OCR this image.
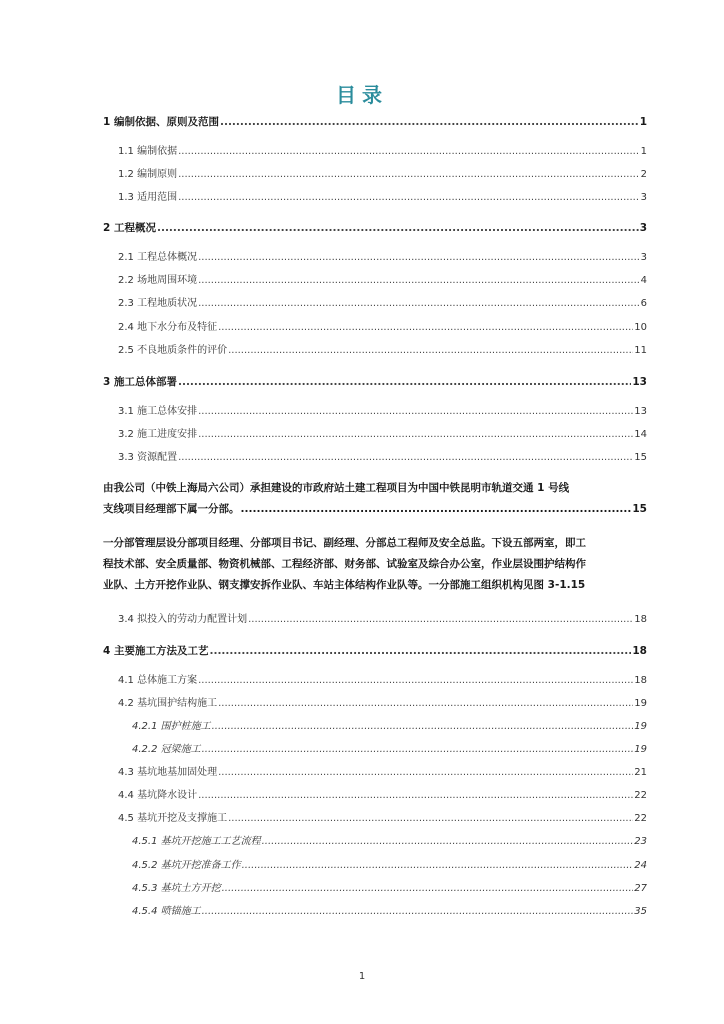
目录
1 编制依据、原则及范围 .....	1
1.1 编制依据 .....	1
1.2 编制原则 .....	2
1.3 适用范围 .....	3
2 工程概况 .....	3
2.1 工程总体概况 .....	3
2.2 场地周围环境 .....	4
2.3 工程地质状况 .....	6
2.4 地下水分布及特征 .....	10
2.5 不良地质条件的评价 .....	11
3 施工总体部署 .....	13
3.1 施工总体安排 .....	13
3.2 施工进度安排 .....	14
3.3 资源配置 .....	15
由我公司（中铁上海局六公司）承担建设的市政府站土建工程项目为中国中铁昆明市轨道交通 1 号线
支线项目经理部下属一分部。 .....	15
一分部管理层设分部项目经理、分部项目书记、副经理、分部总工程师及安全总监。下设五部两室，即工
程技术部、安全质量部、物资机械部、工程经济部、财务部、试验室及综合办公室，作业层设围护结构作
业队、土方开挖作业队、钢支撑安拆作业队、车站主体结构作业队等。一分部施工组织机构见图 3-1.15
3.4 拟投入的劳动力配置计划 .....	18
4 主要施工方法及工艺 .....	18
4.1 总体施工方案 .....	18
4.2 基坑围护结构施工 .....	19
4.2.1 围护桩施工 .....	19
4.2.2 冠梁施工 .....	19
4.3 基坑地基加固处理 .....	21
4.4 基坑降水设计 .....	22
4.5 基坑开挖及支撑施工 .....	22
4.5.1 基坑开挖施工工艺流程 .....	23
4.5.2 基坑开挖准备工作 .....	24
4.5.3 基坑土方开挖 .....	27
4.5.4 喷锚施工 .....	35
1
